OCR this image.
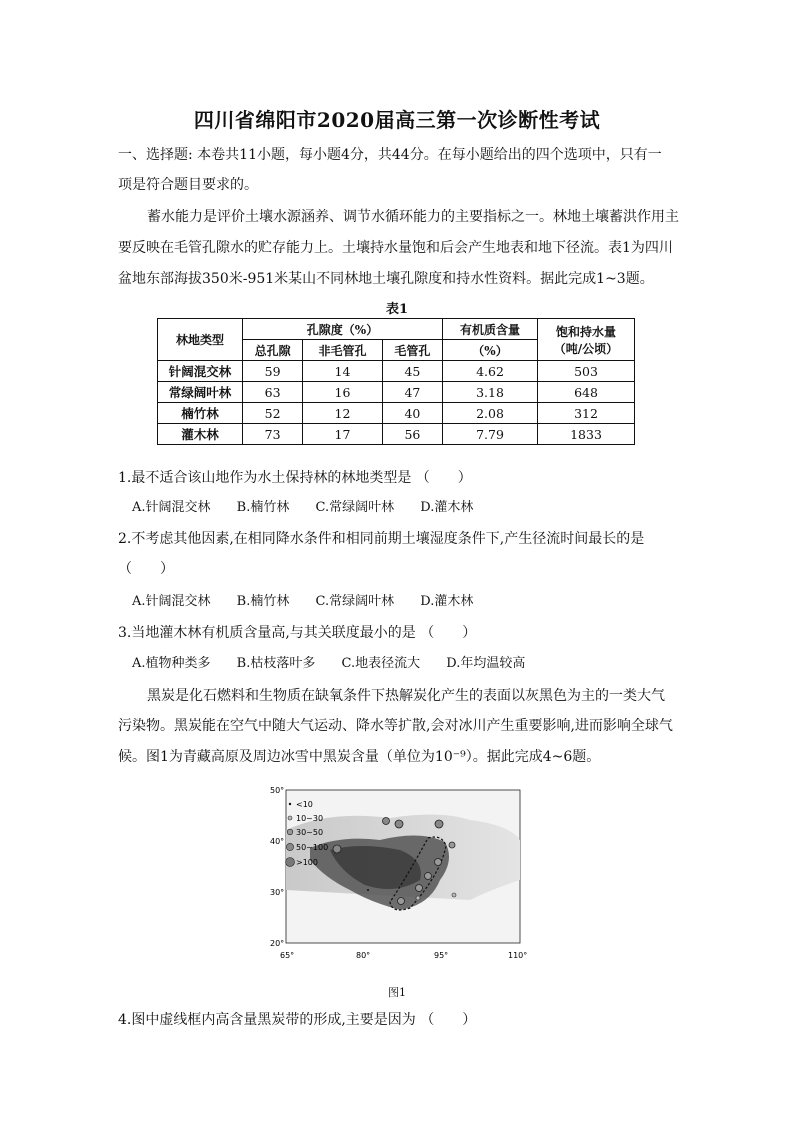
四川省绵阳市2020届高三第一次诊断性考试
一、选择题: 本卷共11小题，每小题4分，共44分。在每小题给出的四个选项中，只有一
项是符合题目要求的。
蓄水能力是评价土壤水源涵养、调节水循环能力的主要指标之一。林地土壤蓄洪作用主
要反映在毛管孔隙水的贮存能力上。土壤持水量饱和后会产生地表和地下径流。表1为四川
盆地东部海拔350米-951米某山不同林地土壤孔隙度和持水性资料。据此完成1~3题。
表1
林地类型	孔隙度（%）			有机质含量	饱和持水量
（吨/公顷）

	总孔隙	非毛管孔	毛管孔	（%）	
针阔混交林	59	14	45	4.62	503
常绿阔叶林	63	16	47	3.18	648
楠竹林	52	12	40	2.08	312
灌木林	73	17	56	7.79	1833
1.最不适合该山地作为水土保持林的林地类型是 （　　）
A.针阔混交林 B.楠竹林 C.常绿阔叶林 D.灌木林
2.不考虑其他因素,在相同降水条件和相同前期土壤湿度条件下,产生径流时间最长的是
（　　）
A.针阔混交林 B.楠竹林 C.常绿阔叶林 D.灌木林
3.当地灌木林有机质含量高,与其关联度最小的是 （　　）
A.植物种类多 B.枯枝落叶多 C.地表径流大 D.年均温较高
黑炭是化石燃料和生物质在缺氧条件下热解炭化产生的表面以灰黑色为主的一类大气
污染物。黑炭能在空气中随大气运动、降水等扩散,会对冰川产生重要影响,进而影响全球气
候。图1为青藏高原及周边冰雪中黑炭含量（单位为10⁻⁹）。据此完成4~6题。
<10
10~30
30~50
50~100
>100
50°
40°
30°
20°
65°	80°	95°	110°
图1
4.图中虚线框内高含量黑炭带的形成,主要是因为 （　　）
